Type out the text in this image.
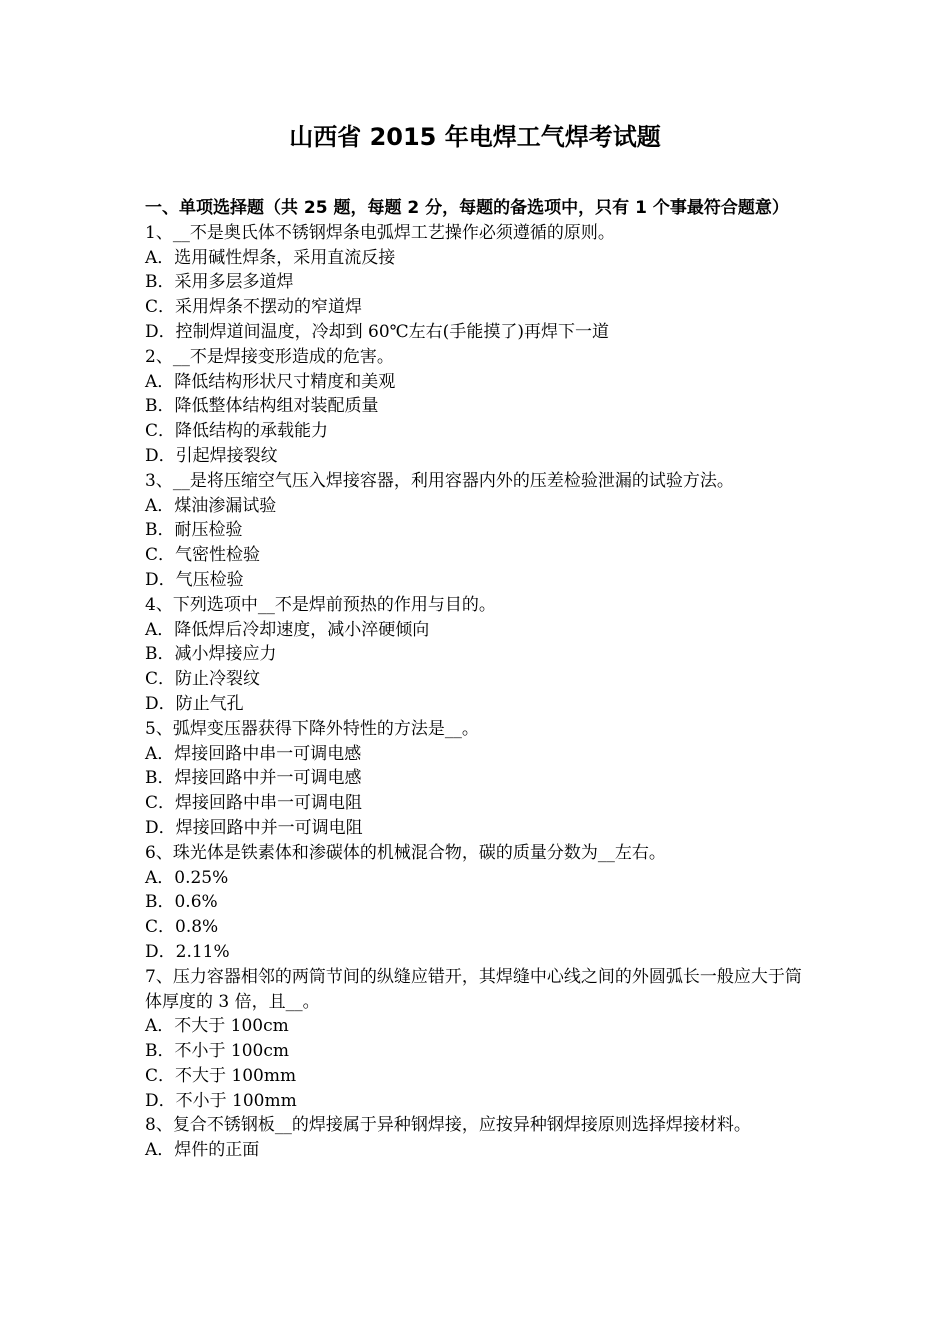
山西省 2015 年电焊工气焊考试题
一、单项选择题（共 25 题，每题 2 分，每题的备选项中，只有 1 个事最符合题意）
1、__不是奥氏体不锈钢焊条电弧焊工艺操作必须遵循的原则。
A．选用碱性焊条，采用直流反接
B．采用多层多道焊
C．采用焊条不摆动的窄道焊
D．控制焊道间温度，冷却到 60℃左右(手能摸了)再焊下一道
2、__不是焊接变形造成的危害。
A．降低结构形状尺寸精度和美观
B．降低整体结构组对装配质量
C．降低结构的承载能力
D．引起焊接裂纹
3、__是将压缩空气压入焊接容器，利用容器内外的压差检验泄漏的试验方法。
A．煤油渗漏试验
B．耐压检验
C．气密性检验
D．气压检验
4、下列选项中__不是焊前预热的作用与目的。
A．降低焊后冷却速度，减小淬硬倾向
B．减小焊接应力
C．防止冷裂纹
D．防止气孔
5、弧焊变压器获得下降外特性的方法是__。
A．焊接回路中串一可调电感
B．焊接回路中并一可调电感
C．焊接回路中串一可调电阻
D．焊接回路中并一可调电阻
6、珠光体是铁素体和渗碳体的机械混合物，碳的质量分数为__左右。
A．0.25%
B．0.6%
C．0.8%
D．2.11%
7、压力容器相邻的两筒节间的纵缝应错开，其焊缝中心线之间的外圆弧长一般应大于筒体厚度的 3 倍，且__。
A．不大于 100cm
B．不小于 100cm
C．不大于 100mm
D．不小于 100mm
8、复合不锈钢板__的焊接属于异种钢焊接，应按异种钢焊接原则选择焊接材料。
A．焊件的正面
